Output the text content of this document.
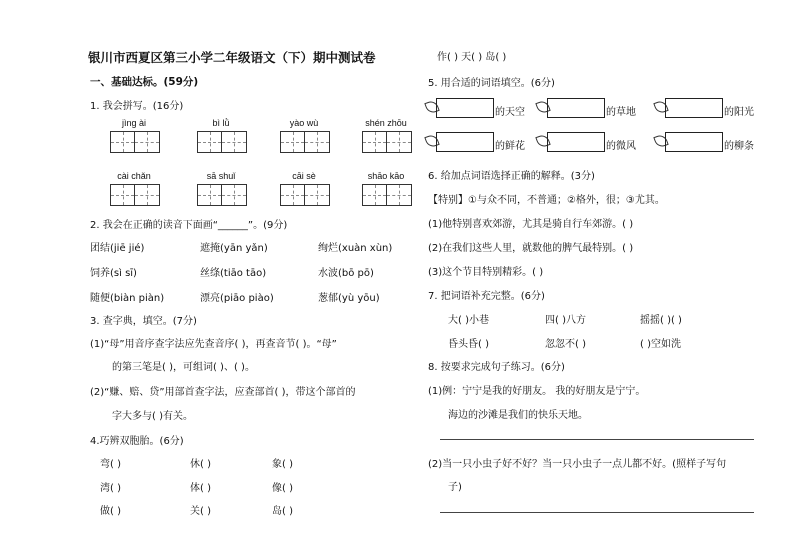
银川市西夏区第三小学二年级语文（下）期中测试卷	作( ) 天( ) 岛( )
一、基础达标。(59分)
1. 我会拼写。(16分)
jìng ài	bì lǜ	yào wù	shén zhōu
cài chǎn	sā shuǐ	cāi sè	shāo kāo
2. 我会在正确的读音下面画“______”。(9分)
团结(jiē jié)	遮掩(yān yǎn)	绚烂(xuàn xùn)
饲养(sì sī)	丝绦(tiāo tāo)	水波(bō pō)
随便(biàn piàn)	漂亮(piāo piào)	葱郁(yù yōu)
3. 查字典，填空。(7分)
(1)“母”用音序查字法应先查音序( )，再查音节( )。“母”
的第三笔是( )，可组词( )、( )。
(2)“赚、赔、贷”用部首查字法，应查部首( )，带这个部首的
字大多与( )有关。
4.巧辨双胞胎。(6分)
弯( )	休( )	象( )
湾( )	体( )	像( )
做( )	关( )	岛( )
5. 用合适的词语填空。(6分)
的天空	的草地	的阳光
的鲜花	的微风	的柳条
6. 给加点词语选择正确的解释。(3分)
【特别】①与众不同，不普通；②格外，很；③尤其。
(1)他特别喜欢郊游，尤其是骑自行车郊游。( )
(2)在我们这些人里，就数他的脾气最特别。( )
(3)这个节目特别精彩。( )
7. 把词语补充完整。(6分)
大( )小巷	四( )八方	摇摇( )( )
昏头昏( )	忽忽不( )	( )空如洗
8. 按要求完成句子练习。(6分)
(1)例：宁宁是我的好朋友。 我的好朋友是宁宁。
海边的沙滩是我们的快乐天地。
(2)当一只小虫子好不好？当一只小虫子一点儿都不好。(照样子写句
子)
